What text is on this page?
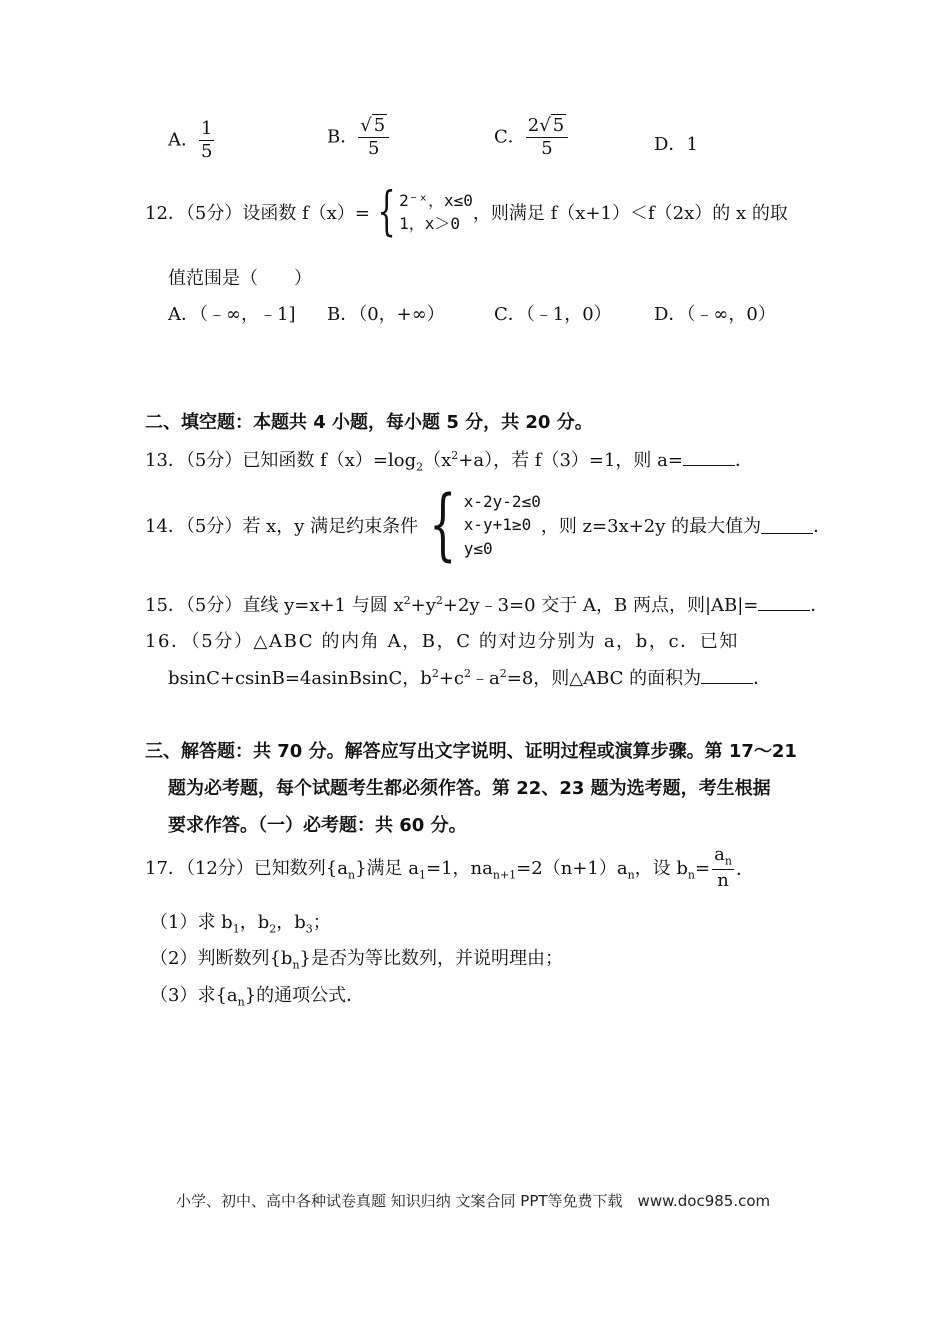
A． $\frac{1}{5}$	B． $\frac{√ 5}{5}$	C． $\frac{2√ 5}{5}$	D．1
12．（5分）设函数 f（x）= { 2⁻ˣ，x≤0
1，x＞0 ，则满足 f（x+1）＜f（2x）的 x 的取
值范围是（　　）
A．（﹣∞，﹣1] B．（0，+∞）	C．（﹣1，0） D．（﹣∞，0）
二、填空题：本题共 4 小题，每小题 5 分，共 20 分。
13．（5分）已知函数 $f(x)=\log_2(x^2+a)$，若 f（3）=1，则 a=	．
14．（5分）若 x，y 满足约束条件 { x-2y-2≤0
x-y+1≥0
y≤0
，则 z=3x+2y 的最大值为	．
15．（5分）直线 y=x+1 与圆 $x^2+y^2+2y﹣3=0$ 交于 A，B 两点，则|AB|=	．
16．（5分）△ABC 的内角 A，B，C 的对边分别为 a，b，c．已知
bsinC+csinB=4asinBsinC，$b^2+c^2﹣a^2=8$，则△ABC 的面积为	．
三、解答题：共 70 分。解答应写出文字说明、证明过程或演算步骤。第 17～21
题为必考题，每个试题考生都必须作答。第 22、23 题为选考题，考生根据
要求作答。（一）必考题：共 60 分。
17．（12分）已知数列$\{a_n\}$满足 $a_1=1$，$na_{n+1}=2(n+1)a_n$，设 $b_n= \frac{a_n}{n}$ ．
（1）求 $b_1$，$b_2$，$b_3$；
（2）判断数列$\{b_n\}$是否为等比数列，并说明理由；
（3）求$\{a_n\}$的通项公式．
小学、初中、高中各种试卷真题 知识归纳 文案合同 PPT等免费下载　www.doc985.com
